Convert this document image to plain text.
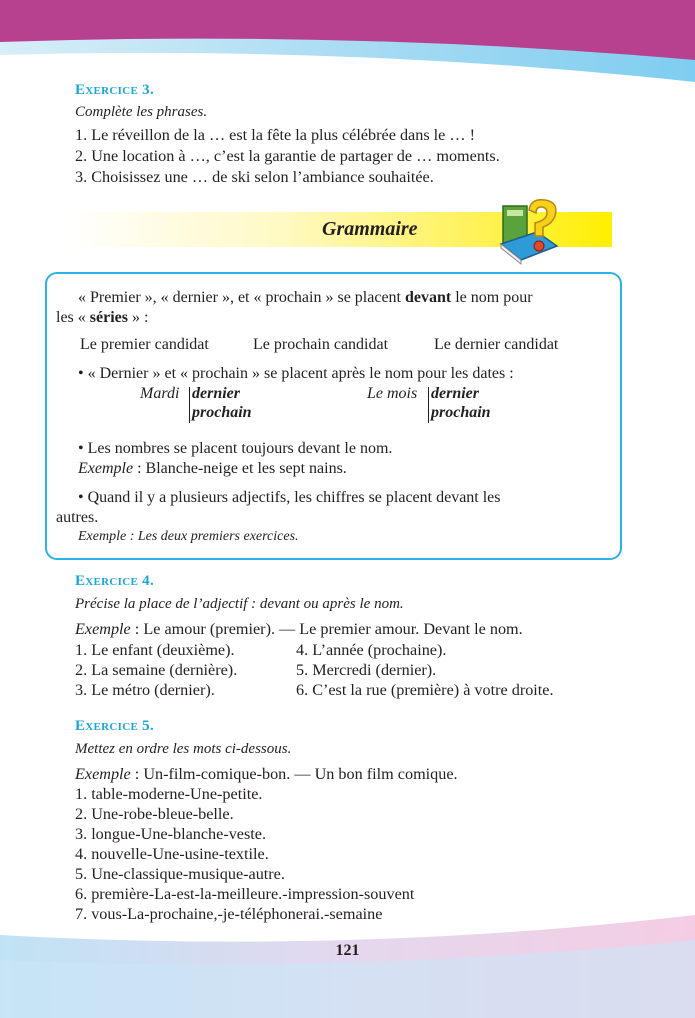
Exercice 3.
Complète les phrases.
1. Le réveillon de la … est la fête la plus célébrée dans le … !
2. Une location à …, c’est la garantie de partager de … moments.
3. Choisissez une … de ski selon l’ambiance souhaitée.
Grammaire
« Premier », « dernier », et « prochain » se placent devant le nom pour
les « séries » :
Le premier candidat	Le prochain candidat	Le dernier candidat
• « Dernier » et « prochain » se placent après le nom pour les dates :
Mardi dernier
prochain
Le mois dernier
prochain
• Les nombres se placent toujours devant le nom.
Exemple : Blanche-neige et les sept nains.
• Quand il y a plusieurs adjectifs, les chiffres se placent devant les
autres.
Exemple : Les deux premiers exercices.
Exercice 4.
Précise la place de l’adjectif : devant ou après le nom.
Exemple : Le amour (premier). — Le premier amour. Devant le nom.
1. Le enfant (deuxième).
2. La semaine (dernière).
3. Le métro (dernier).
4. L’année (prochaine).
5. Mercredi (dernier).
6. C’est la rue (première) à votre droite.
Exercice 5.
Mettez en ordre les mots ci-dessous.
Exemple : Un-film-comique-bon. — Un bon film comique.
1. table-moderne-Une-petite.
2. Une-robe-bleue-belle.
3. longue-Une-blanche-veste.
4. nouvelle-Une-usine-textile.
5. Une-classique-musique-autre.
6. première-La-est-la-meilleure.-impression-souvent
7. vous-La-prochaine,-je-téléphonerai.-semaine
121
